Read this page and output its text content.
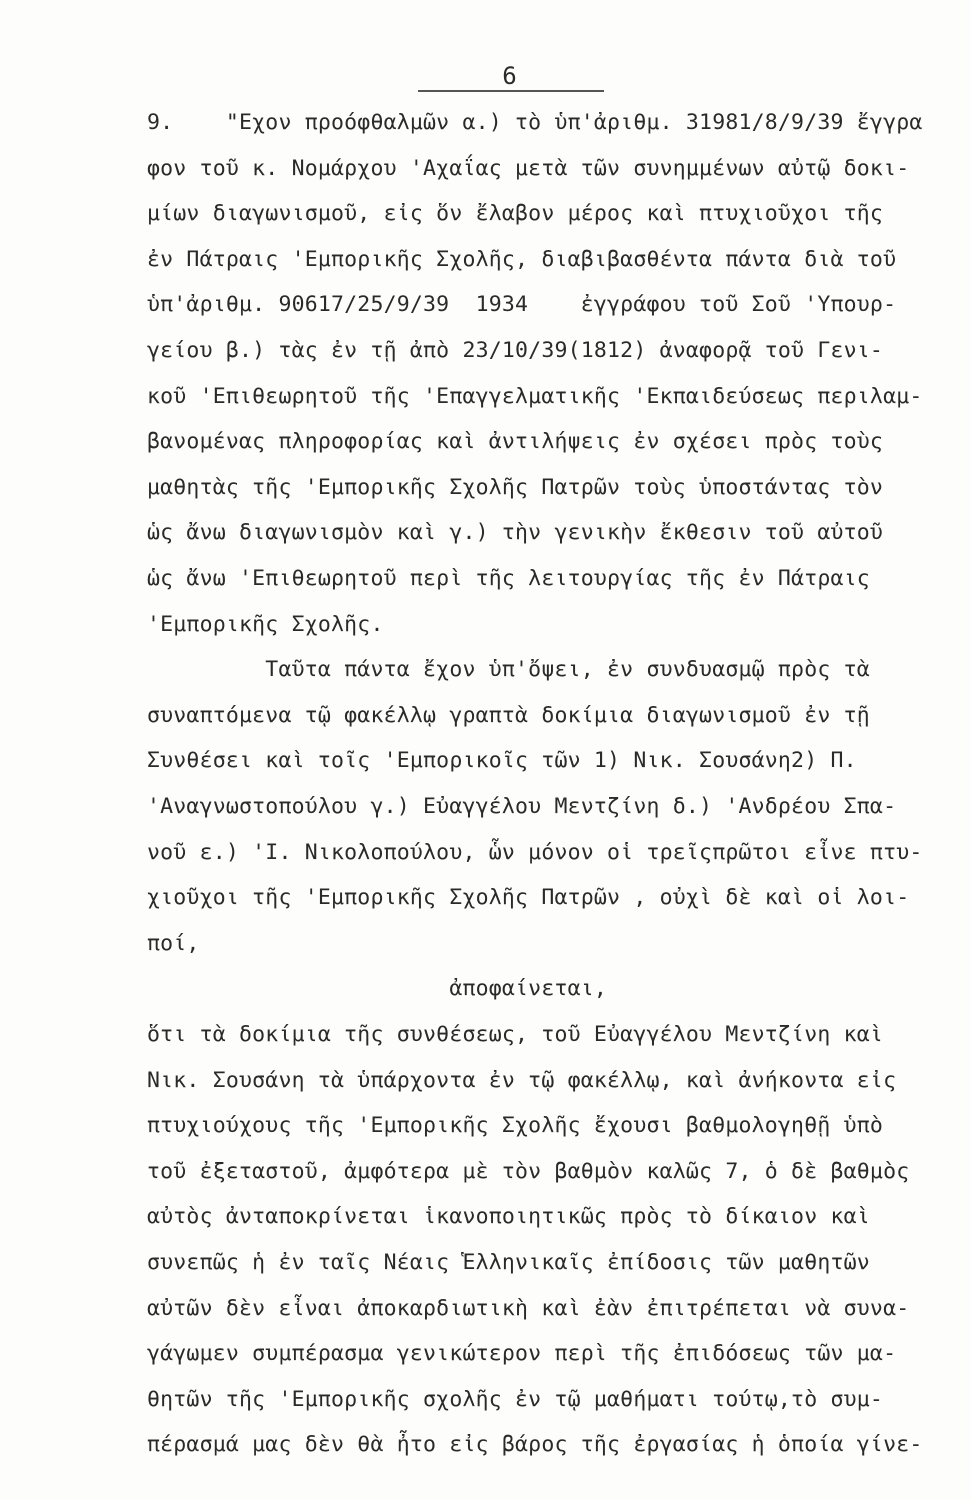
6
9.    "Εχον προόφθαλμῶν α.) τὸ ὑπ'ἀριθμ. 31981/8/9/39 ἔγγρα
φον τοῦ κ. Νομάρχου 'Αχαΐας μετὰ τῶν συνημμένων αὐτῷ δοκι-
μίων διαγωνισμοῦ, εἰς ὅν ἔλαβον μέρος καὶ πτυχιοῦχοι τῆς
ἐν Πάτραις 'Εμπορικῆς Σχολῆς, διαβιβασθέντα πάντα διὰ τοῦ
ὑπ'ἀριθμ. 90617/25/9/39  1934    ἐγγράφου τοῦ Σοῦ 'Υπουρ-
γείου β.) τὰς ἐν τῇ ἀπὸ 23/10/39(1812) ἀναφορᾷ τοῦ Γενι-
κοῦ 'Επιθεωρητοῦ τῆς 'Επαγγελματικῆς 'Εκπαιδεύσεως περιλαμ-
βανομένας πληροφορίας καὶ ἀντιλήψεις ἐν σχέσει πρὸς τοὺς
μαθητὰς τῆς 'Εμπορικῆς Σχολῆς Πατρῶν τοὺς ὑποστάντας τὸν
ὡς ἄνω διαγωνισμὸν καὶ γ.) τὴν γενικὴν ἔκθεσιν τοῦ αὐτοῦ
ὡς ἄνω 'Επιθεωρητοῦ περὶ τῆς λειτουργίας τῆς ἐν Πάτραις
'Εμπορικῆς Σχολῆς.
Ταῦτα πάντα ἔχον ὑπ'ὄψει, ἐν συνδυασμῷ πρὸς τὰ
συναπτόμενα τῷ φακέλλῳ γραπτὰ δοκίμια διαγωνισμοῦ ἐν τῇ
Συνθέσει καὶ τοῖς 'Εμπορικοῖς τῶν 1) Νικ. Σουσάνη2) Π.
'Αναγνωστοπούλου γ.) Εὐαγγέλου Μεντζίνη δ.) 'Ανδρέου Σπα-
νοῦ ε.) 'Ι. Νικολοπούλου, ὧν μόνον οἱ τρεῖςπρῶτοι εἶνε πτυ-
χιοῦχοι τῆς 'Εμπορικῆς Σχολῆς Πατρῶν , οὐχὶ δὲ καὶ οἱ λοι-
ποί,
ἀποφαίνεται,
ὅτι τὰ δοκίμια τῆς συνθέσεως, τοῦ Εὐαγγέλου Μεντζίνη καὶ
Νικ. Σουσάνη τὰ ὑπάρχοντα ἐν τῷ φακέλλῳ, καὶ ἀνήκοντα εἰς
πτυχιούχους τῆς 'Εμπορικῆς Σχολῆς ἔχουσι βαθμολογηθῇ ὑπὸ
τοῦ ἐξεταστοῦ, ἀμφότερα μὲ τὸν βαθμὸν καλῶς 7, ὁ δὲ βαθμὸς
αὐτὸς ἀνταποκρίνεται ἱκανοποιητικῶς πρὸς τὸ δίκαιον καὶ
συνεπῶς ἡ ἐν ταῖς Νέαις Ἑλληνικαῖς ἐπίδοσις τῶν μαθητῶν
αὐτῶν δὲν εἶναι ἀποκαρδιωτικὴ καὶ ἐὰν ἐπιτρέπεται νὰ συνα-
γάγωμεν συμπέρασμα γενικώτερον περὶ τῆς ἐπιδόσεως τῶν μα-
θητῶν τῆς 'Εμπορικῆς σχολῆς ἐν τῷ μαθήματι τούτῳ,τὸ συμ-
πέρασμά μας δὲν θὰ ἦτο εἰς βάρος τῆς ἐργασίας ἡ ὁποία γίνε-
